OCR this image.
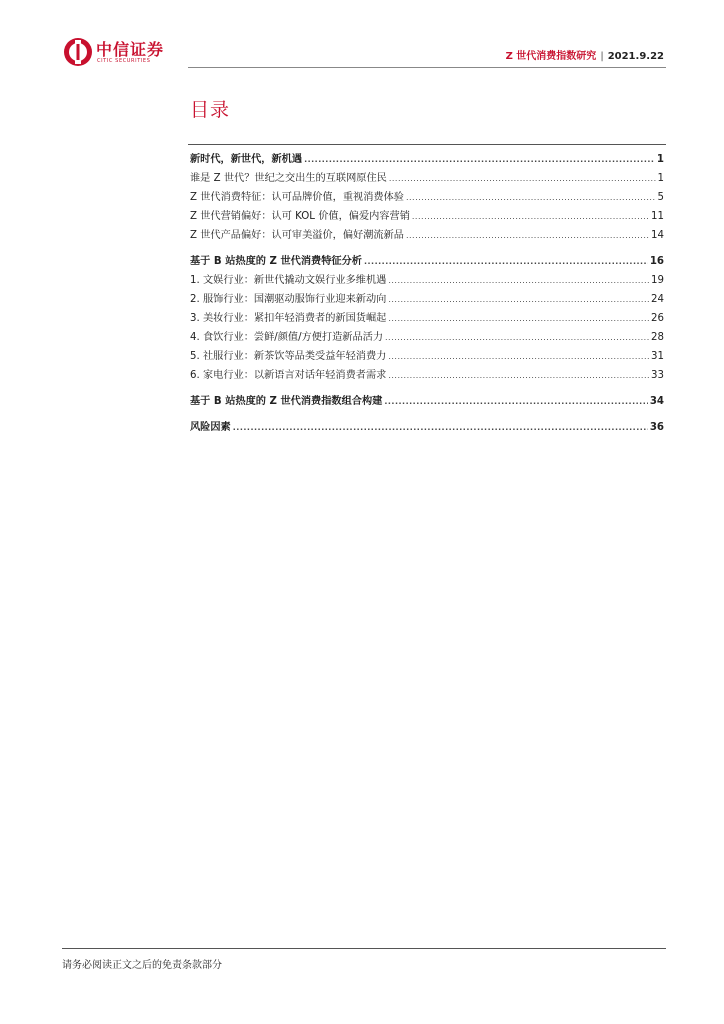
中信证券
CITIC SECURITIES	Z 世代消费指数研究 | 2021.9.22
目录
新时代，新世代，新机遇 .....	1
谁是 Z 世代？世纪之交出生的互联网原住民 .....	1
Z 世代消费特征：认可品牌价值，重视消费体验 .....	5
Z 世代营销偏好：认可 KOL 价值，偏爱内容营销 .....	11
Z 世代产品偏好：认可审美溢价，偏好潮流新品 .....	14
基于 B 站热度的 Z 世代消费特征分析 .....	16
1. 文娱行业：新世代撬动文娱行业多维机遇 .....	19
2. 服饰行业：国潮驱动服饰行业迎来新动向 .....	24
3. 美妆行业：紧扣年轻消费者的新国货崛起 .....	26
4. 食饮行业：尝鲜/颜值/方便打造新品活力 .....	28
5. 社服行业：新茶饮等品类受益年轻消费力 .....	31
6. 家电行业：以新语言对话年轻消费者需求 .....	33
基于 B 站热度的 Z 世代消费指数组合构建 .....	34
风险因素 .....	36
请务必阅读正文之后的免责条款部分
